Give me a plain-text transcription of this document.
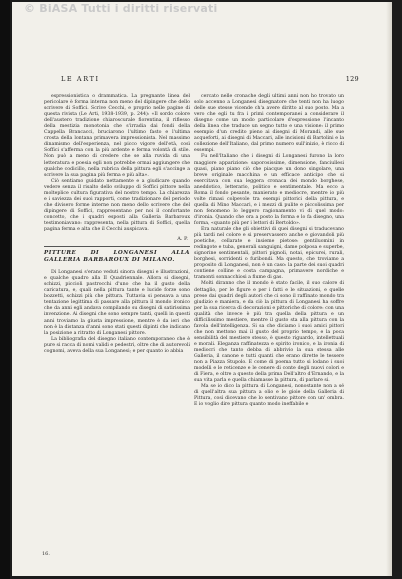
© BiASA Tutti i diritti riservati
LE ARTI	129

espressionistica o drammatica. La pregnante linea del pericolare è forma interna non meno del dipingere che dello scrivere di Soffici. Scrive Cecchi, e proprio nelle pagine di questa rivista (Le Arti, 1938-1939, p. 244): «Il sordo colore dell'austero tradizione chiaroscurale fiorentina, il riflesso della mestizia monotonia che s'irradia dai fondi della Cappella Brancacci, bruciarono l'ultimo fasto e l'ultima crosta della lontana primavera impressionista. Nel massimo dinamismo dell'esperienza, nel picco vigore dell'età, così Soffici s'afferma con la più ardente e ferma volontà di stile. Non può a meno di credere che se alla ruvida di una letteratura e poesia egli non potrebbe ormai aggiungere che qualche codicillo, nella rubrica della pittura egli s'accinge a scrivere la sua pagina più ferma e più alta».

Ciò sentiamo guidato nettamente e a giudicare quando vedere senza il risalto dello sviluppo di Soffici pittore nella molteplice cultura figurativa del nostro tempo. La chiarezza e i saviezza dei suoi rapporti, come tradizionare del periodo che divisero forme interne non meno dello scrivere che del dipingere di Soffici, rappresentano per noi il confortante concetto, che i quadri esposti alla Galleria Barbaroux testimoniavano: rappresenta, nella pittura di Soffici, quella pagina ferma e alta che il Cecchi auspicava.

A. P.
PITTURE DI LONGANESI ALLA GALLERIA BARBAROUX DI MILANO.

Di Longanesi s'erano veduti sinora disegni e illustrazioni, e qualche quadro alla II Quadriennale. Allora si disegni, schizzi, piccioli pastrocchi d'uno che ha il gusto della caricatura, e, quali nella pittura tante e lucide forze sono bozzetti, schizzi più che pittura. Tuttavia si pensava a una tentazione legittima di passare alla pittura il mondo ironico che da anni egli andava compilando su disegni di satirissima invenzione. Ai disegni che sono sempre tanti, quelli in questi anni troviamo la giusta impressione, mentre è da ieri che non è la distanza d'anni sono stati questi dipinti che indicano la posizione a ritratto di Longanesi pittore.

La bibliografia del disegno italiano contemporaneo che è pure si racca di nomi validi e pedestri, oltre che di autorevoli cognomi, aveva della sua Longanesi; e per quanto io abbia

cercato nelle cronache degli ultimi anni non ho trovato un solo accenno a Longanesi disegnatore che tenti non ha luogo delle sue stesse vicende ch'a avere diritto al suo posto. Ma a vero che egli tu fra i primi contemporanei a considerare il disegno come un modo particolare d'espressione l'incanto della linea che traduce un segno tutto e una visione: il primo esempio d'un credito pieno ai disegni di Morandi, alle sue acqueforti, ai disegni di Maccari, alle incisioni di Bartolini e la collezione dell'Italiano, dal primo numero sull'inizio, è ricco di essempi.

Fu nell'Italiano che i disegni di Longanesi furono la loro maggiore apparizione: saporosissime, dimensione, fanciullesi quasi, piano piano ciò che piacque un dono singolare, una breve originale macchina e un efficace anticipo che si esercitava con sua leggera cronaca dei mondo borghese, aneddotico, letterario, politico e sentimentale. Ma ecco a Roma il fondo pesante, manierato e mediocre, mentre io più volte rimasi colpevole tra esempi pittorici della pittura, e quella di Mino Maccari, e i mezzi di pulite e piccolissima per non fenomeno lo leggero ragionamento vi di quel modo: d'ironia. Quando che ora a posto la forma e lo fa disegno, una forma, «quanto più per i lettori di Bertoldo».

Era naturale che gli obiettivi di quei disegni si traducevano più tardi nel colore e si preservassero anche e giovandoli più poetiche, cellarate e insieme pietose: gentiluomini in redingote e tuba, generali sanguigni, dame polposa e superbe, signorine sentimentali, pittori pignoli, notai, epicurei, rurali, borghesi, sorridenti o furibondi. Ma questo, che troviamo a proposito di Longanesi, non è un caso: la parte dei suoi quadri contiene colline e costa campagna, primavere nordiche e tramonti sonnacchiosi a fiume di gas.

Molti diranno che il mondo è stato facile, il suo calore di dettaglio, per le figure e per i fatti e le situazioni, e quelle prese dai quadri degli autori che ci sono il raffinato mondo tra giudizio e maniera, e da ciò la pittura di Longanesi ha soffre per la sua ricerca di decorazioni e pittoriche di colore: con una qualità che invece è più tra quella della pittura e un difficilissimo mestiere, mentre il gusto sta alla pittura con la favola dell'intelligenza. Si sa che diciamo i suoi amici pittori che non mettono mai il gusto del proprio tempo, e la poca sensibilità del mestiere stesso, è questo riguardo, intellettuali e morali. Eleganza raffinatezza e spirito ironico, e la ironia di mediocri che tanto debba di abbrivio la sua stessa alle Galleria, il canone e tutti quanti che erano dirette le tessere non a Piazza Stupolo. E come di poema tutto si lodano i suoi modelli e le reticenze e le cenere di conte degli nuovi colori e di Fiera, e oltre a questo della prima Dell'altro d'Ernando, e la sua vita parla e quella chiamasse la pittura, di parlare si.

Ma se io dico la pittura di Longanesi, nonostante non a sé di quell'altra sua pittura a olio e le gioie della Galleria di Pittura, così dicevano che lo sentivano pittore con un' ombra. E io voglio dire pittura quanto modo ineffabile e

16.
